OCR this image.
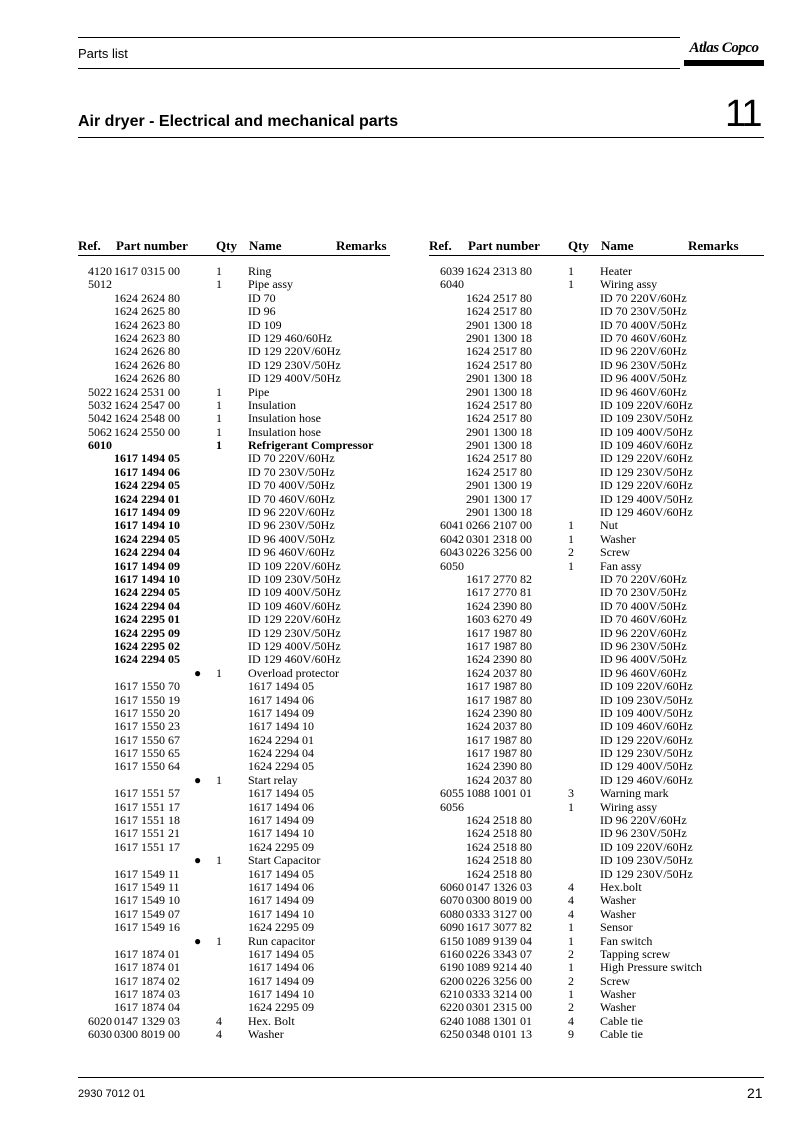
Parts list	Atlas Copco
Air dryer - Electrical and mechanical parts	11
Ref. Part number Qty Name	Remarks	Ref. Part number Qty Name	Remarks
4120 1617 0315 00	1 Ring
5012	1 Pipe assy
1624 2624 80	ID 70
1624 2625 80	ID 96
1624 2623 80	ID 109
1624 2623 80	ID 129 460/60Hz
1624 2626 80	ID 129 220V/60Hz
1624 2626 80	ID 129 230V/50Hz
1624 2626 80	ID 129 400V/50Hz
5022 1624 2531 00	1 Pipe
5032 1624 2547 00	1 Insulation
5042 1624 2548 00	1 Insulation hose
5062 1624 2550 00	1 Insulation hose
6010	1 Refrigerant Compressor
1617 1494 05	ID 70 220V/60Hz
1617 1494 06	ID 70 230V/50Hz
1624 2294 05	ID 70 400V/50Hz
1624 2294 01	ID 70 460V/60Hz
1617 1494 09	ID 96 220V/60Hz
1617 1494 10	ID 96 230V/50Hz
1624 2294 05	ID 96 400V/50Hz
1624 2294 04	ID 96 460V/60Hz
1617 1494 09	ID 109 220V/60Hz
1617 1494 10	ID 109 230V/50Hz
1624 2294 05	ID 109 400V/50Hz
1624 2294 04	ID 109 460V/60Hz
1624 2295 01	ID 129 220V/60Hz
1624 2295 09	ID 129 230V/50Hz
1624 2295 02	ID 129 400V/50Hz
1624 2294 05	ID 129 460V/60Hz
● 1 Overload protector
1617 1550 70	1617 1494 05
1617 1550 19	1617 1494 06
1617 1550 20	1617 1494 09
1617 1550 23	1617 1494 10
1617 1550 67	1624 2294 01
1617 1550 65	1624 2294 04
1617 1550 64	1624 2294 05
● 1 Start relay
1617 1551 57	1617 1494 05
1617 1551 17	1617 1494 06
1617 1551 18	1617 1494 09
1617 1551 21	1617 1494 10
1617 1551 17	1624 2295 09
● 1 Start Capacitor
1617 1549 11	1617 1494 05
1617 1549 11	1617 1494 06
1617 1549 10	1617 1494 09
1617 1549 07	1617 1494 10
1617 1549 16	1624 2295 09
● 1 Run capacitor
1617 1874 01	1617 1494 05
1617 1874 01	1617 1494 06
1617 1874 02	1617 1494 09
1617 1874 03	1617 1494 10
1617 1874 04	1624 2295 09
6020 0147 1329 03	4 Hex. Bolt
6030 0300 8019 00	4 Washer
6039 1624 2313 80	1 Heater
6040	1 Wiring assy
1624 2517 80	ID 70 220V/60Hz
1624 2517 80	ID 70 230V/50Hz
2901 1300 18	ID 70 400V/50Hz
2901 1300 18	ID 70 460V/60Hz
1624 2517 80	ID 96 220V/60Hz
1624 2517 80	ID 96 230V/50Hz
2901 1300 18	ID 96 400V/50Hz
2901 1300 18	ID 96 460V/60Hz
1624 2517 80	ID 109 220V/60Hz
1624 2517 80	ID 109 230V/50Hz
2901 1300 18	ID 109 400V/50Hz
2901 1300 18	ID 109 460V/60Hz
1624 2517 80	ID 129 220V/60Hz
1624 2517 80	ID 129 230V/50Hz
2901 1300 19	ID 129 220V/60Hz
2901 1300 17	ID 129 400V/50Hz
2901 1300 18	ID 129 460V/60Hz
6041 0266 2107 00	1 Nut
6042 0301 2318 00	1 Washer
6043 0226 3256 00	2 Screw
6050	1 Fan assy
1617 2770 82	ID 70 220V/60Hz
1617 2770 81	ID 70 230V/50Hz
1624 2390 80	ID 70 400V/50Hz
1603 6270 49	ID 70 460V/60Hz
1617 1987 80	ID 96 220V/60Hz
1617 1987 80	ID 96 230V/50Hz
1624 2390 80	ID 96 400V/50Hz
1624 2037 80	ID 96 460V/60Hz
1617 1987 80	ID 109 220V/60Hz
1617 1987 80	ID 109 230V/50Hz
1624 2390 80	ID 109 400V/50Hz
1624 2037 80	ID 109 460V/60Hz
1617 1987 80	ID 129 220V/60Hz
1617 1987 80	ID 129 230V/50Hz
1624 2390 80	ID 129 400V/50Hz
1624 2037 80	ID 129 460V/60Hz
6055 1088 1001 01	3 Warning mark
6056	1 Wiring assy
1624 2518 80	ID 96 220V/60Hz
1624 2518 80	ID 96 230V/50Hz
1624 2518 80	ID 109 220V/60Hz
1624 2518 80	ID 109 230V/50Hz
1624 2518 80	ID 129 230V/50Hz
6060 0147 1326 03	4 Hex.bolt
6070 0300 8019 00	4 Washer
6080 0333 3127 00	4 Washer
6090 1617 3077 82	1 Sensor
6150 1089 9139 04	1 Fan switch
6160 0226 3343 07	2 Tapping screw
6190 1089 9214 40	1 High Pressure switch
6200 0226 3256 00	2 Screw
6210 0333 3214 00	1 Washer
6220 0301 2315 00	2 Washer
6240 1088 1301 01	4 Cable tie
6250 0348 0101 13	9 Cable tie
2930 7012 01	21
